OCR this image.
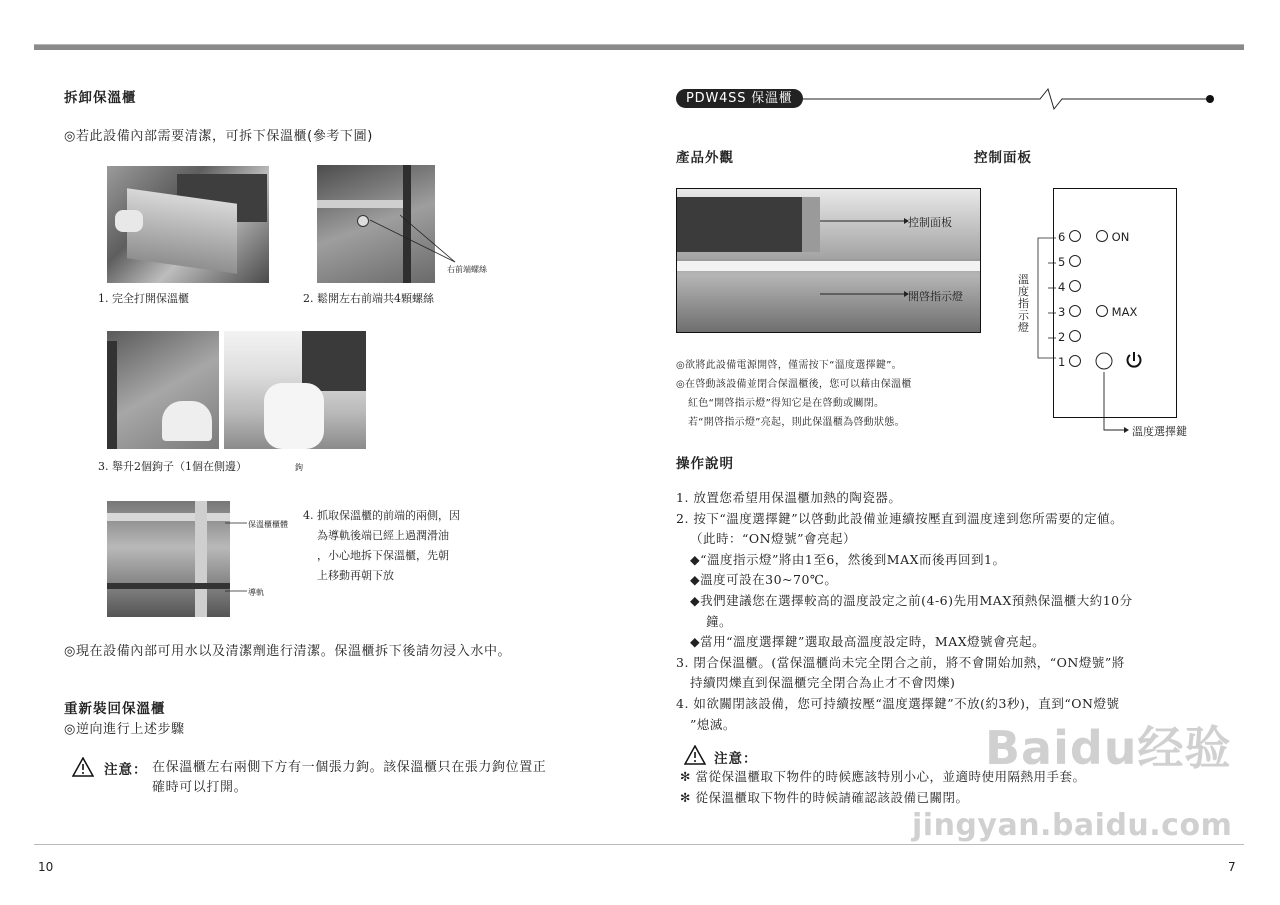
拆卸保溫櫃
◎若此設備內部需要清潔，可拆下保溫櫃(參考下圖)
1. 完全打開保溫櫃
右前端螺絲
2. 鬆開左右前端共4顆螺絲
3. 舉升2個鉤子（1個在側邊）	鉤
保溫櫃櫃體
導軌
4. 抓取保溫櫃的前端的兩側，因
為導軌後端已經上過潤滑油
，小心地拆下保溫櫃，先朝
上移動再朝下放
◎現在設備內部可用水以及清潔劑進行清潔。保溫櫃拆下後請勿浸入水中。
重新裝回保溫櫃
◎逆向進行上述步驟
注意： 在保溫櫃左右兩側下方有一個張力鉤。該保溫櫃只在張力鉤位置正
確時可以打開。
10
PDW4SS 保溫櫃
產品外觀	控制面板
控制面板
開啓指示燈
◎欲將此設備電源開啓，僅需按下“溫度選擇鍵”。
◎在啓動該設備並閉合保溫櫃後，您可以藉由保溫櫃
紅色“開啓指示燈”得知它是在啓動或關閉。
若“開啓指示燈”亮起，則此保溫櫃為啓動狀態。
6
5
4
3
2
1
ON
MAX
溫
度
指
示
燈
溫度選擇鍵
操作說明
1. 放置您希望用保溫櫃加熱的陶瓷器。
2. 按下“溫度選擇鍵”以啓動此設備並連續按壓直到溫度達到您所需要的定値。
（此時：“ON燈號”會亮起）
◆“溫度指示燈”將由1至6，然後到MAX而後再回到1。
◆溫度可設在30~70℃。
◆我們建議您在選擇較高的溫度設定之前(4-6)先用MAX預熱保溫櫃大約10分
鐘。
◆當用“溫度選擇鍵”選取最高溫度設定時，MAX燈號會亮起。
3. 閉合保溫櫃。(當保溫櫃尚未完全閉合之前，將不會開始加熱，“ON燈號”將
持續閃爍直到保溫櫃完全閉合為止才不會閃爍)
4. 如欲關閉該設備，您可持續按壓“溫度選擇鍵”不放(約3秒)，直到“ON燈號
”熄滅。
注意：
✻ 當從保溫櫃取下物件的時候應該特別小心，並適時使用隔熱用手套。
✻ 從保溫櫃取下物件的時候請確認該設備已關閉。
Baidu经验
jingyan.baidu.com
7
